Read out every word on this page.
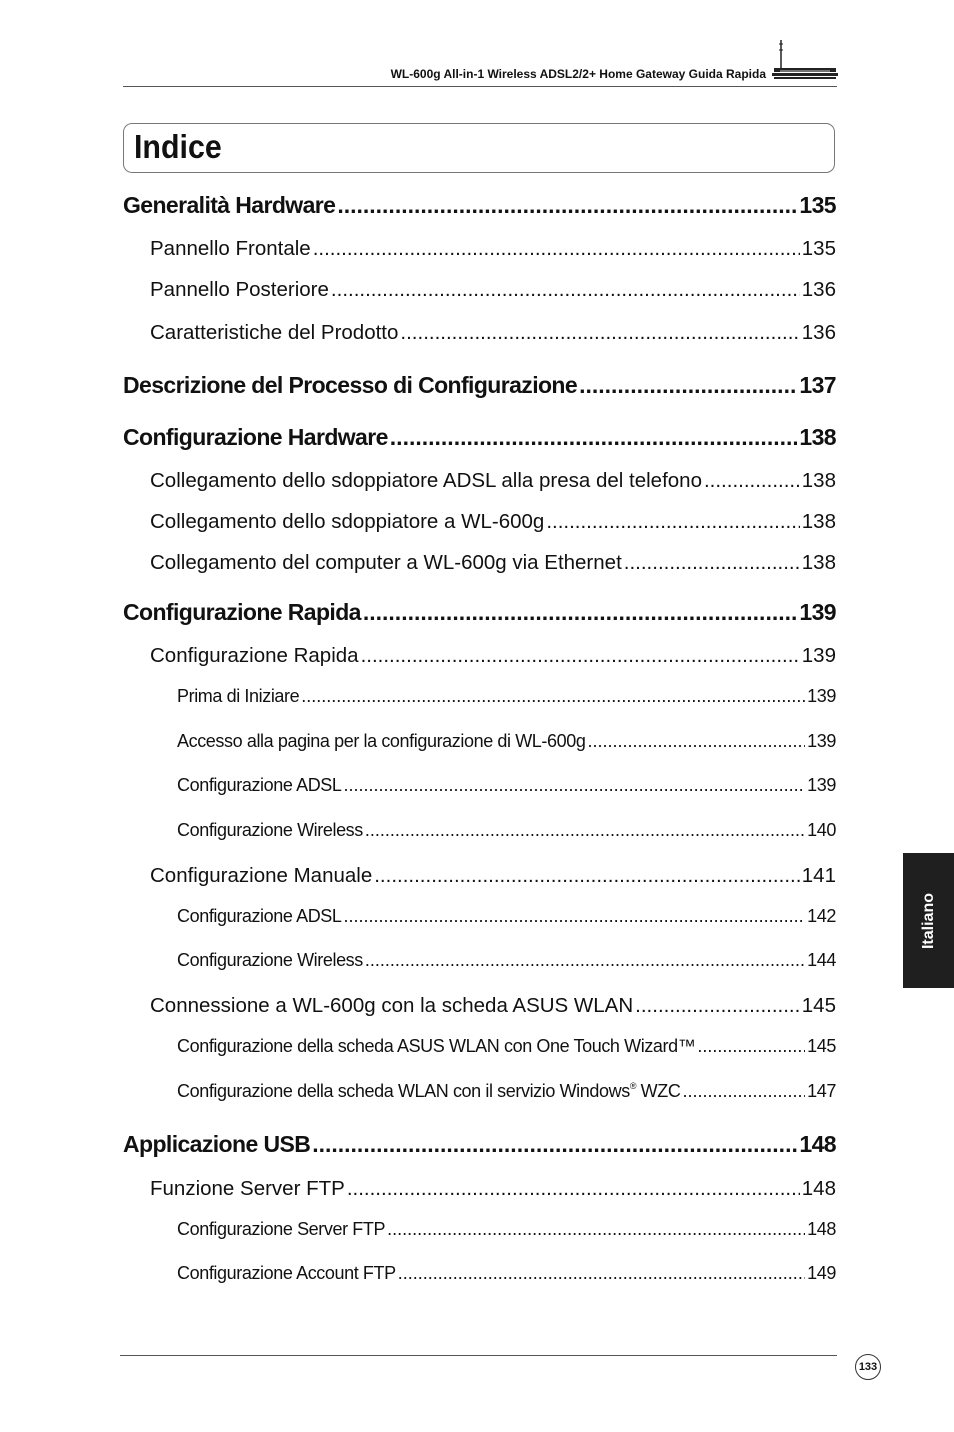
WL-600g All-in-1 Wireless ADSL2/2+ Home Gateway Guida Rapida
Indice
Generalità Hardware .....	135
Pannello Frontale .....	135
Pannello Posteriore .....	136
Caratteristiche del Prodotto .....	136
Descrizione del Processo di Configurazione .....	137
Configurazione Hardware .....	138
Collegamento dello sdoppiatore ADSL alla presa del telefono .....	138
Collegamento dello sdoppiatore a WL-600g .....	138
Collegamento del computer a WL-600g via Ethernet .....	138
Configurazione Rapida .....	139
Configurazione Rapida .....	139
Prima di Iniziare .....	139
Accesso alla pagina per la configurazione di WL-600g .....	139
Configurazione ADSL .....	139
Configurazione Wireless .....	140
Configurazione Manuale .....	141
Configurazione ADSL .....	142
Configurazione Wireless .....	144
Connessione a WL-600g con la scheda ASUS WLAN .....	145
Configurazione della scheda ASUS WLAN con One Touch Wizard™ .....	145
Configurazione della scheda WLAN con il servizio Windows® WZC .....	147
Applicazione USB .....	148
Funzione Server FTP .....	148
Configurazione Server FTP .....	148
Configurazione Account FTP .....	149
Italiano
133
